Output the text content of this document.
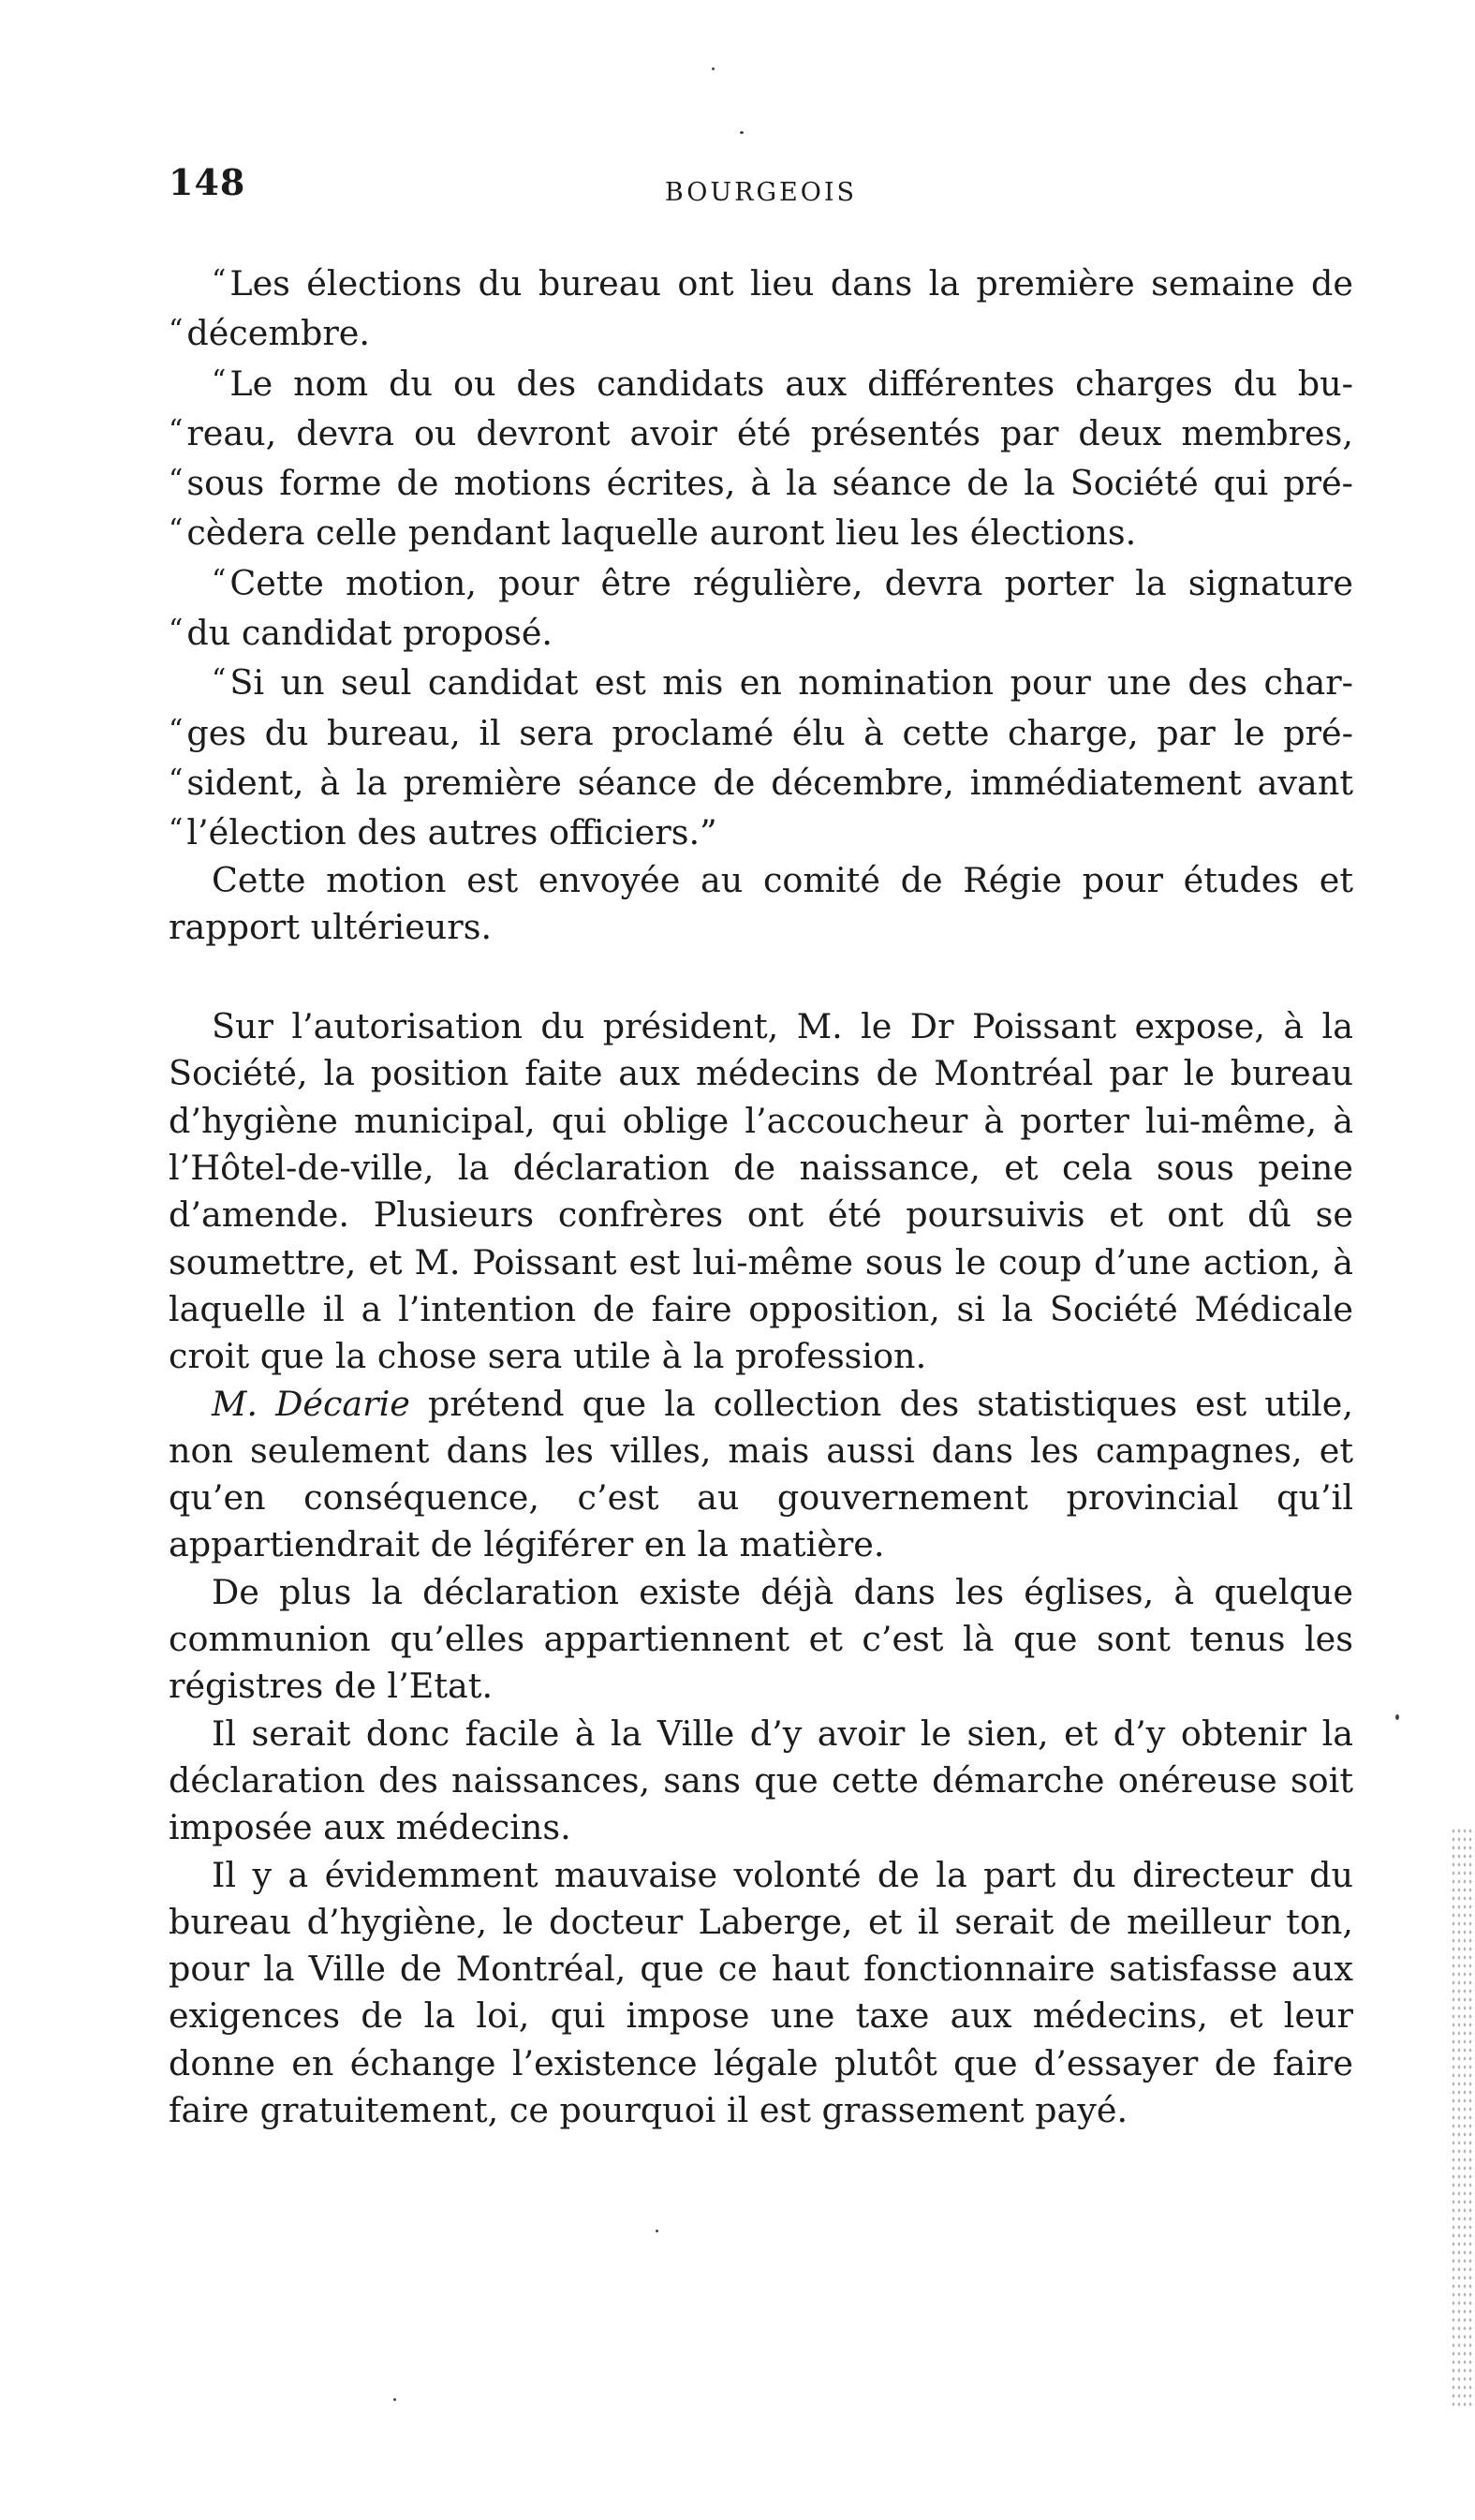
148	BOURGEOIS
“ Les élections du bureau ont lieu dans la première semaine de
“ décembre.
“ Le nom du ou des candidats aux différentes charges du bu-
“ reau, devra ou devront avoir été présentés par deux membres,
“ sous forme de motions écrites, à la séance de la Société qui pré-
“ cèdera celle pendant laquelle auront lieu les élections.
“ Cette motion, pour être régulière, devra porter la signature
“ du candidat proposé.
“ Si un seul candidat est mis en nomination pour une des char-
“ ges du bureau, il sera proclamé élu à cette charge, par le pré-
“ sident, à la première séance de décembre, immédiatement avant
“ l’élection des autres officiers.”

Cette motion est envoyée au comité de Régie pour études et rapport ultérieurs.

Sur l’autorisation du président, M. le Dr Poissant expose, à la Société, la position faite aux médecins de Montréal par le bureau d’hygiène municipal, qui oblige l’accoucheur à porter lui-même, à l’Hôtel-de-ville, la déclaration de naissance, et cela sous peine d’amende. Plusieurs confrères ont été poursuivis et ont dû se soumettre, et M. Poissant est lui-même sous le coup d’une action, à laquelle il a l’intention de faire opposition, si la Société Médicale croit que la chose sera utile à la profession.

M. Décarie prétend que la collection des statistiques est utile, non seulement dans les villes, mais aussi dans les campagnes, et qu’en conséquence, c’est au gouvernement provincial qu’il appartiendrait de légiférer en la matière.

De plus la déclaration existe déjà dans les églises, à quelque communion qu’elles appartiennent et c’est là que sont tenus les régistres de l’Etat.

Il serait donc facile à la Ville d’y avoir le sien, et d’y obtenir la déclaration des naissances, sans que cette démarche onéreuse soit imposée aux médecins.

Il y a évidemment mauvaise volonté de la part du directeur du bureau d’hygiène, le docteur Laberge, et il serait de meilleur ton, pour la Ville de Montréal, que ce haut fonctionnaire satisfasse aux exigences de la loi, qui impose une taxe aux médecins, et leur donne en échange l’existence légale plutôt que d’essayer de faire faire gratuitement, ce pourquoi il est grassement payé.
